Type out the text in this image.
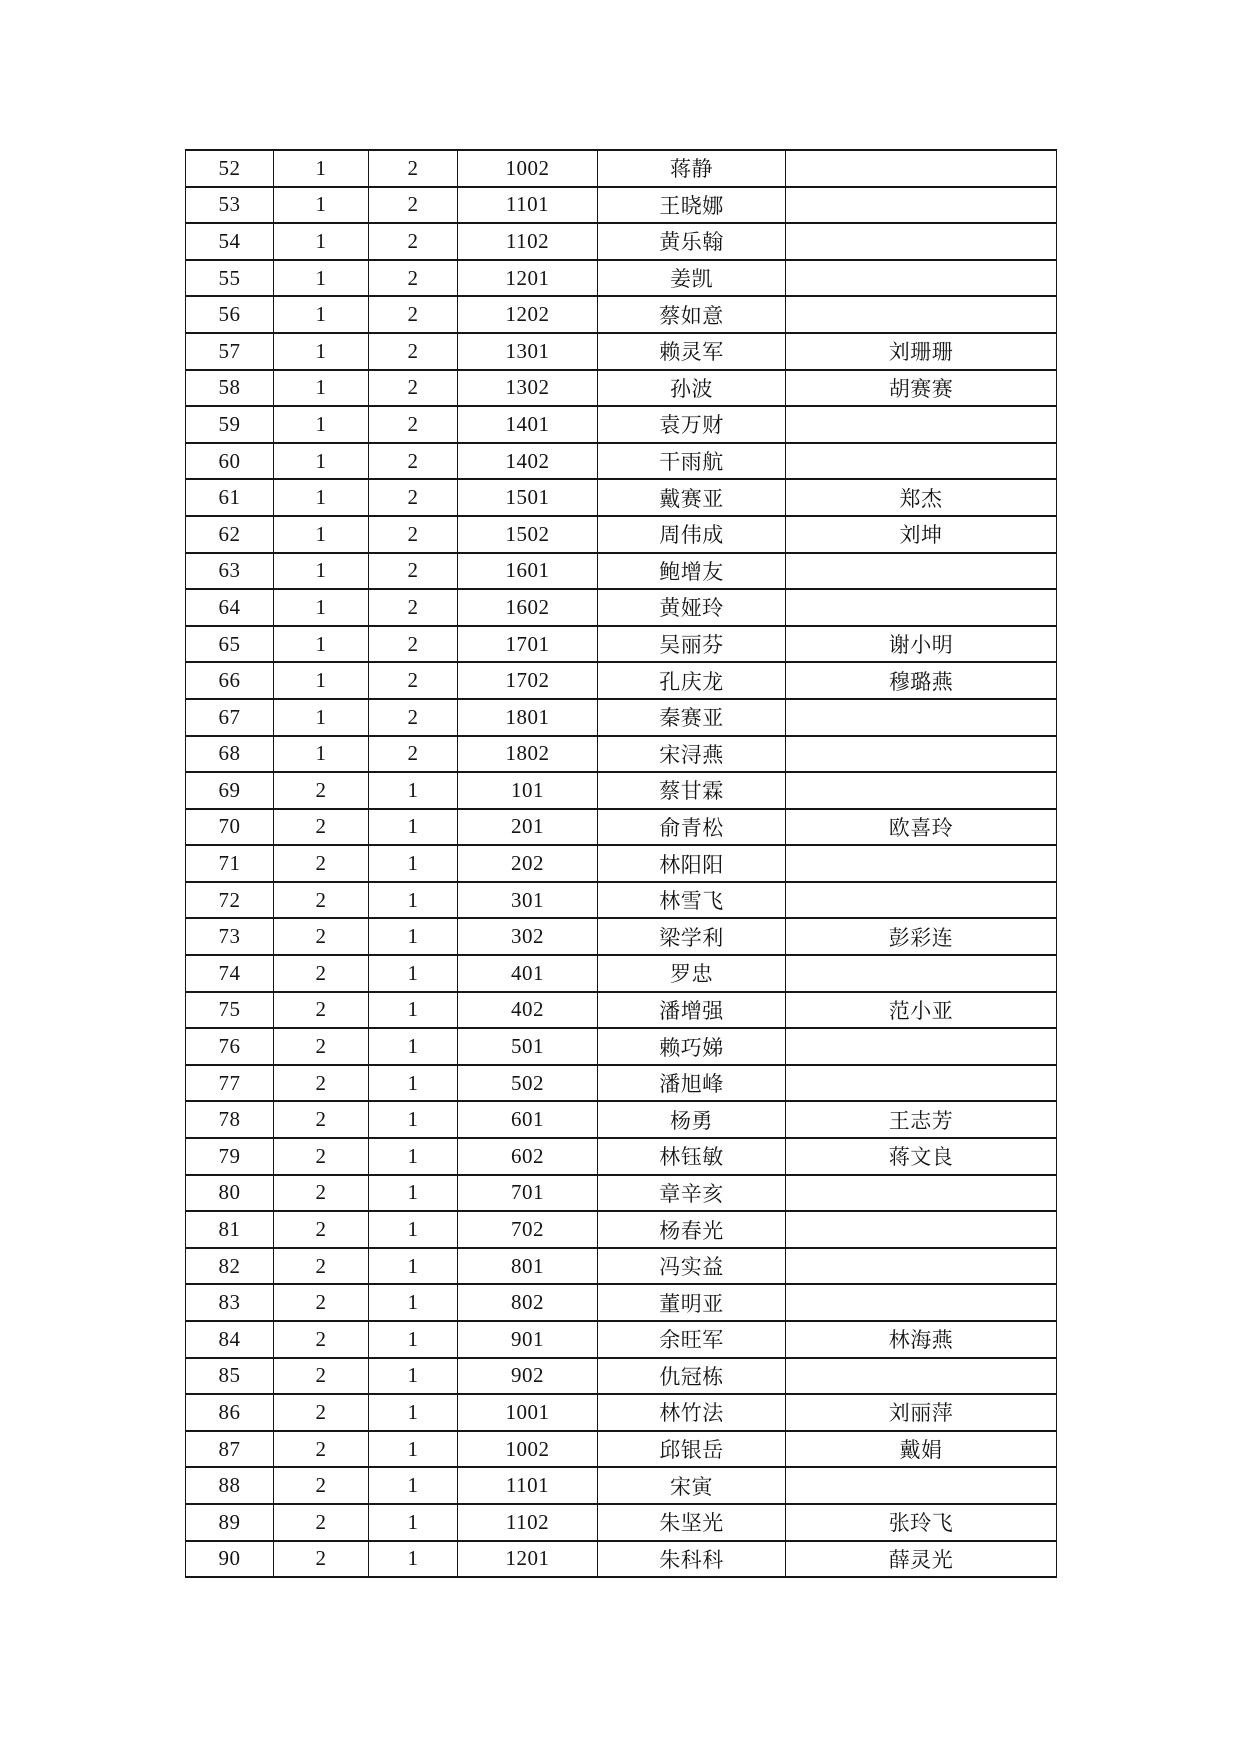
52	1	2	1002	蒋静	
53	1	2	1101	王晓娜	
54	1	2	1102	黄乐翰	
55	1	2	1201	姜凯	
56	1	2	1202	蔡如意	
57	1	2	1301	赖灵军	刘珊珊
58	1	2	1302	孙波	胡赛赛
59	1	2	1401	袁万财	
60	1	2	1402	干雨航	
61	1	2	1501	戴赛亚	郑杰
62	1	2	1502	周伟成	刘坤
63	1	2	1601	鲍增友	
64	1	2	1602	黄娅玲	
65	1	2	1701	吴丽芬	谢小明
66	1	2	1702	孔庆龙	穆璐燕
67	1	2	1801	秦赛亚	
68	1	2	1802	宋浔燕	
69	2	1	101	蔡甘霖	
70	2	1	201	俞青松	欧喜玲
71	2	1	202	林阳阳	
72	2	1	301	林雪飞	
73	2	1	302	梁学利	彭彩连
74	2	1	401	罗忠	
75	2	1	402	潘增强	范小亚
76	2	1	501	赖巧娣	
77	2	1	502	潘旭峰	
78	2	1	601	杨勇	王志芳
79	2	1	602	林钰敏	蒋文良
80	2	1	701	章辛亥	
81	2	1	702	杨春光	
82	2	1	801	冯实益	
83	2	1	802	董明亚	
84	2	1	901	余旺军	林海燕
85	2	1	902	仇冠栋	
86	2	1	1001	林竹法	刘丽萍
87	2	1	1002	邱银岳	戴娟
88	2	1	1101	宋寅	
89	2	1	1102	朱坚光	张玲飞
90	2	1	1201	朱科科	薛灵光
